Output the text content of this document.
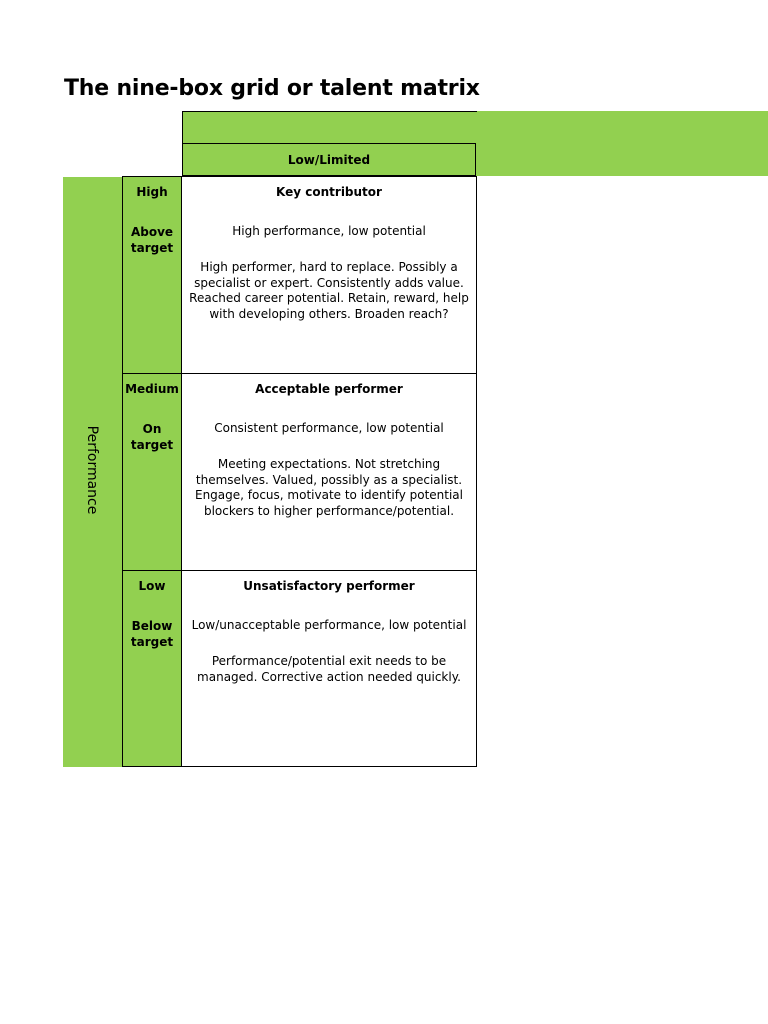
The nine-box grid or talent matrix
Low/Limited
Performance
High
Above target
Key contributor
High performance, low potential
High performer, hard to replace. Possibly a specialist or expert. Consistently adds value. Reached career potential. Retain, reward, help with developing others. Broaden reach?
Medium
On target
Acceptable performer
Consistent performance, low potential
Meeting expectations. Not stretching themselves. Valued, possibly as a specialist. Engage, focus, motivate to identify potential blockers to higher performance/potential.
Low
Below target
Unsatisfactory performer
Low/unacceptable performance, low potential
Performance/potential exit needs to be managed. Corrective action needed quickly.
